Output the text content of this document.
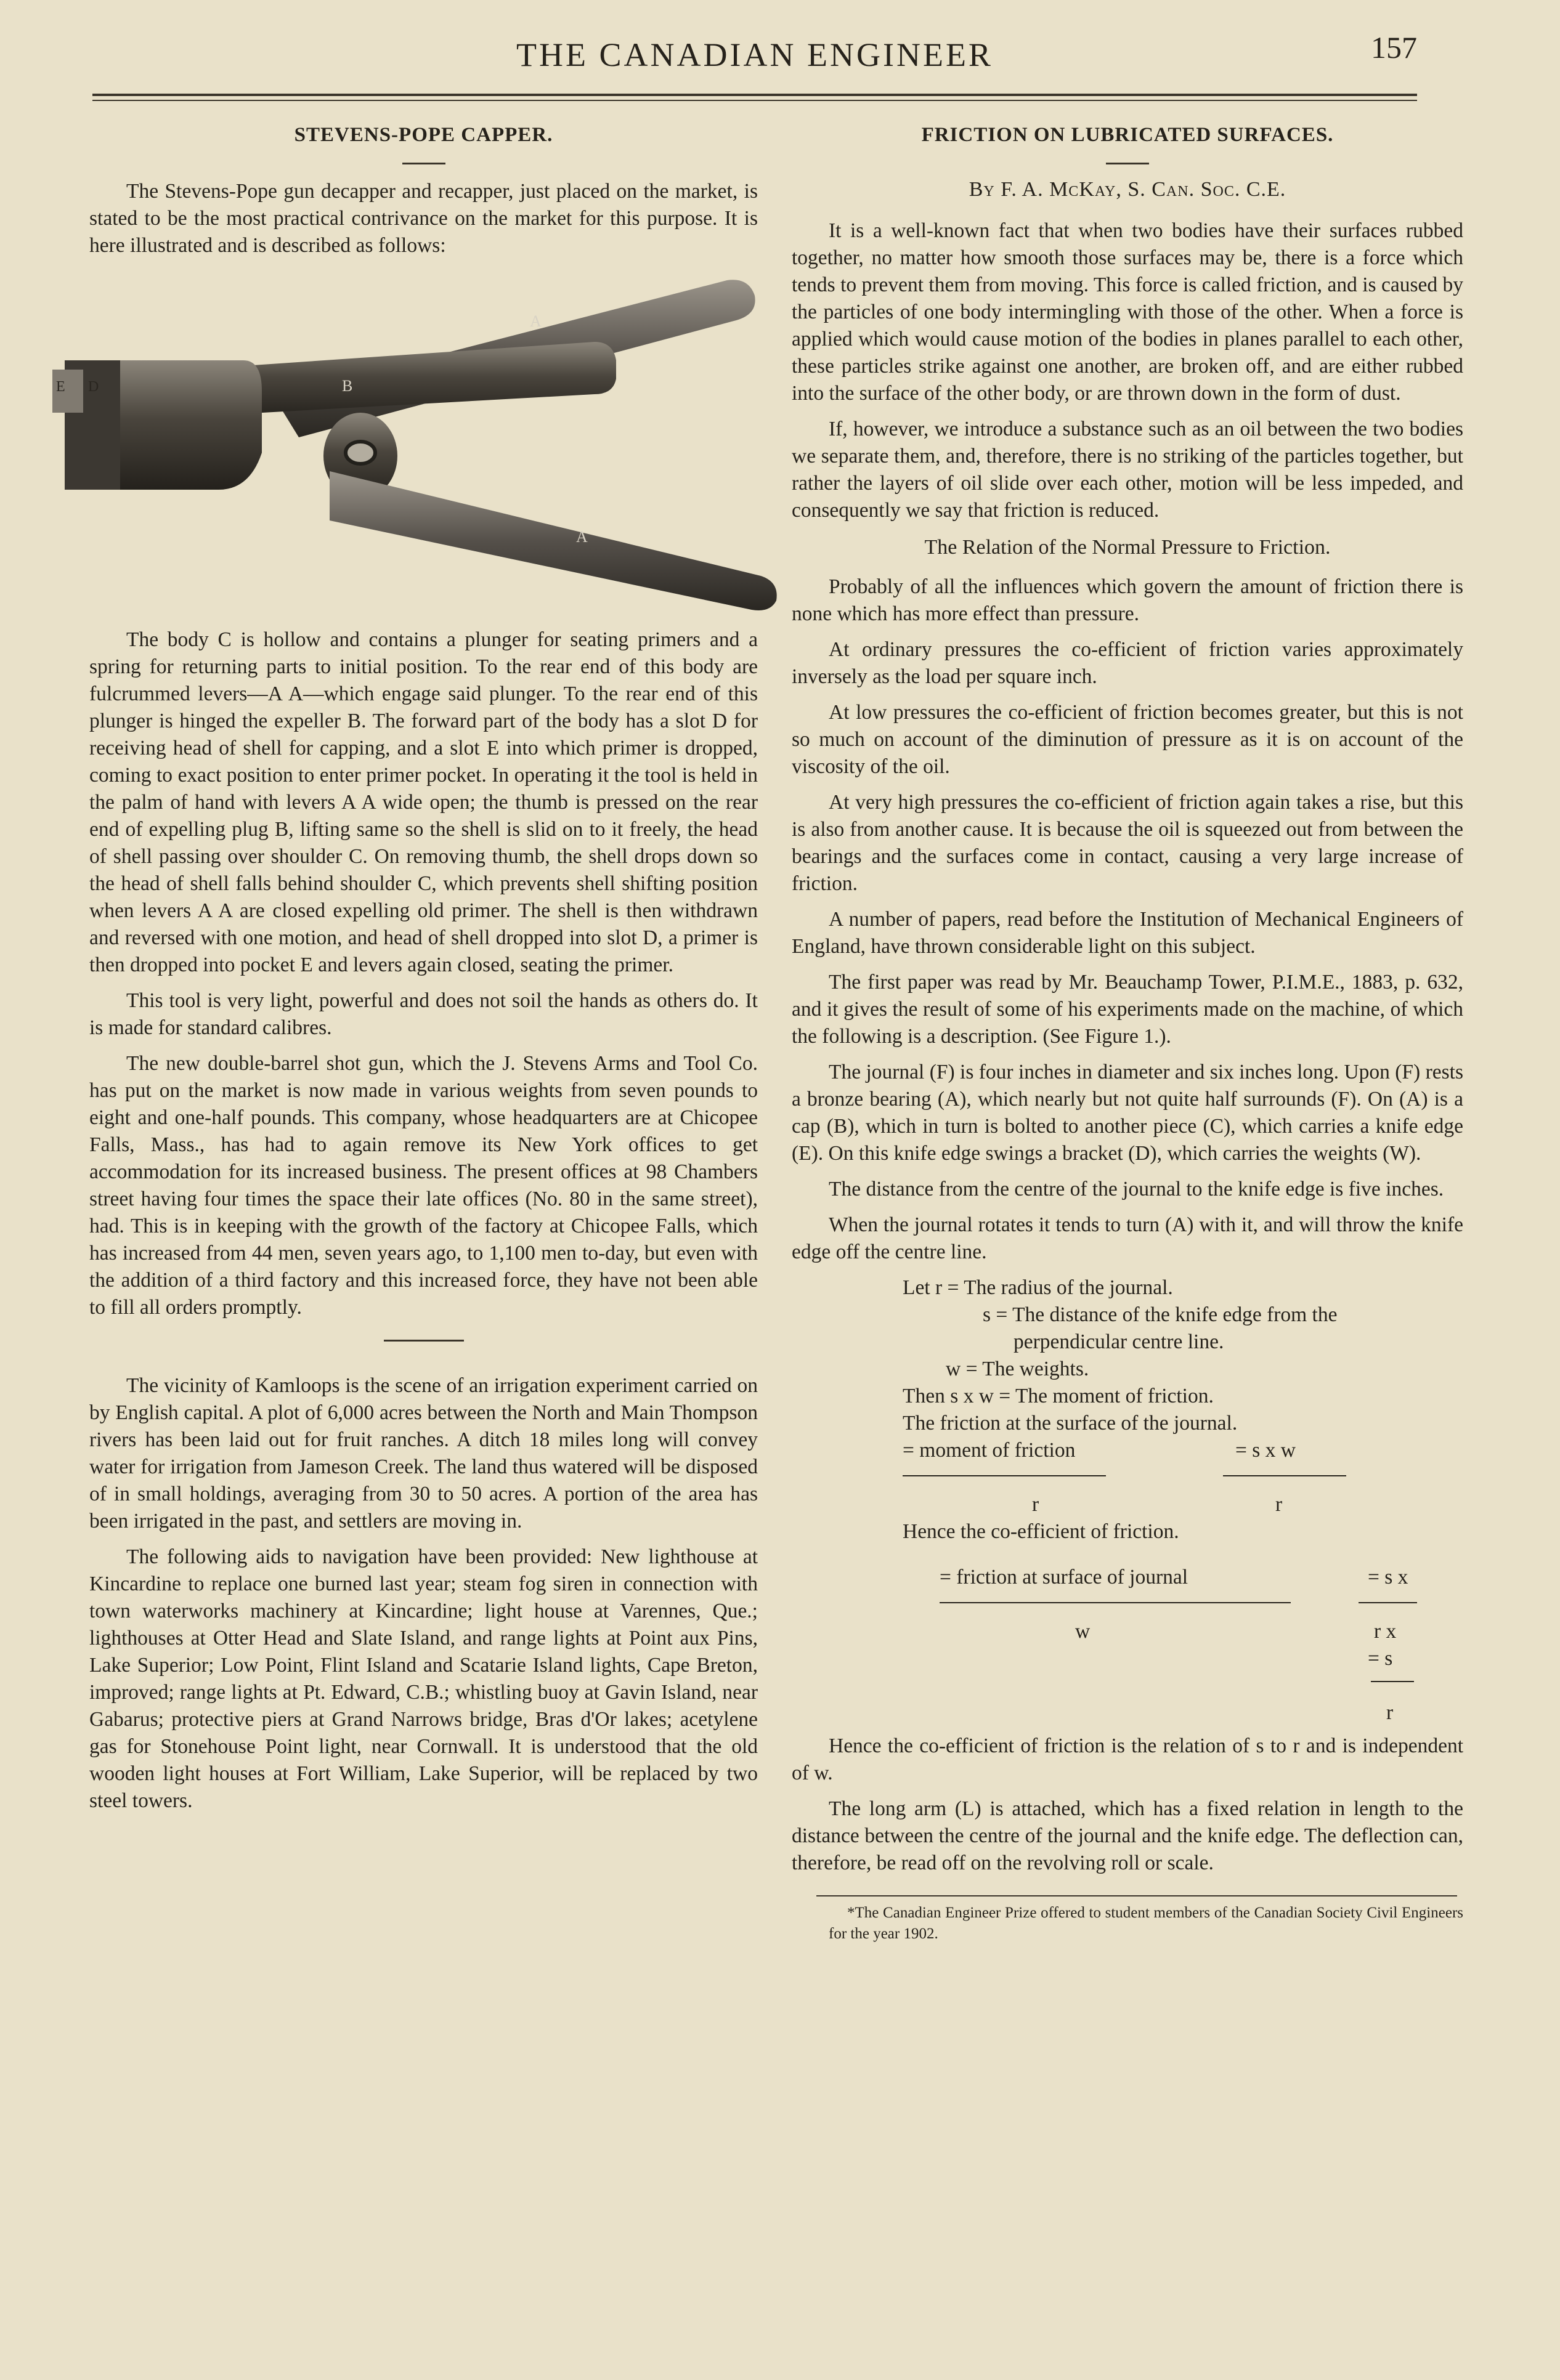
THE CANADIAN ENGINEER	157
STEVENS-POPE CAPPER.

The Stevens-Pope gun decapper and recapper, just placed on the market, is stated to be the most practical contrivance on the market for this purpose. It is here illustrated and is described as follows:

A
B
A
E D

The body C is hollow and contains a plunger for seating primers and a spring for returning parts to initial position. To the rear end of this body are fulcrummed levers—A A—which engage said plunger. To the rear end of this plunger is hinged the expeller B. The forward part of the body has a slot D for receiving head of shell for capping, and a slot E into which primer is dropped, coming to exact position to enter primer pocket. In operating it the tool is held in the palm of hand with levers A A wide open; the thumb is pressed on the rear end of expelling plug B, lifting same so the shell is slid on to it freely, the head of shell passing over shoulder C. On removing thumb, the shell drops down so the head of shell falls behind shoulder C, which prevents shell shifting position when levers A A are closed expelling old primer. The shell is then withdrawn and reversed with one motion, and head of shell dropped into slot D, a primer is then dropped into pocket E and levers again closed, seating the primer.

This tool is very light, powerful and does not soil the hands as others do. It is made for standard calibres.

The new double-barrel shot gun, which the J. Stevens Arms and Tool Co. has put on the market is now made in various weights from seven pounds to eight and one-half pounds. This company, whose headquarters are at Chicopee Falls, Mass., has had to again remove its New York offices to get accommodation for its increased business. The present offices at 98 Chambers street having four times the space their late offices (No. 80 in the same street), had. This is in keeping with the growth of the factory at Chicopee Falls, which has increased from 44 men, seven years ago, to 1,100 men to-day, but even with the addition of a third factory and this increased force, they have not been able to fill all orders promptly.

The vicinity of Kamloops is the scene of an irrigation experiment carried on by English capital. A plot of 6,000 acres between the North and Main Thompson rivers has been laid out for fruit ranches. A ditch 18 miles long will convey water for irrigation from Jameson Creek. The land thus watered will be disposed of in small holdings, averaging from 30 to 50 acres. A portion of the area has been irrigated in the past, and settlers are moving in.

The following aids to navigation have been provided: New lighthouse at Kincardine to replace one burned last year; steam fog siren in connection with town waterworks machinery at Kincardine; light house at Varennes, Que.; lighthouses at Otter Head and Slate Island, and range lights at Point aux Pins, Lake Superior; Low Point, Flint Island and Scatarie Island lights, Cape Breton, improved; range lights at Pt. Edward, C.B.; whistling buoy at Gavin Island, near Gabarus; protective piers at Grand Narrows bridge, Bras d'Or lakes; acetylene gas for Stonehouse Point light, near Cornwall. It is understood that the old wooden light houses at Fort William, Lake Superior, will be replaced by two steel towers.

FRICTION ON LUBRICATED SURFACES.
By F. A. McKay, S. Can. Soc. C.E.

It is a well-known fact that when two bodies have their surfaces rubbed together, no matter how smooth those surfaces may be, there is a force which tends to prevent them from moving. This force is called friction, and is caused by the particles of one body intermingling with those of the other. When a force is applied which would cause motion of the bodies in planes parallel to each other, these particles strike against one another, are broken off, and are either rubbed into the surface of the other body, or are thrown down in the form of dust.

If, however, we introduce a substance such as an oil between the two bodies we separate them, and, therefore, there is no striking of the particles together, but rather the layers of oil slide over each other, motion will be less impeded, and consequently we say that friction is reduced.

The Relation of the Normal Pressure to Friction.

Probably of all the influences which govern the amount of friction there is none which has more effect than pressure.

At ordinary pressures the co-efficient of friction varies approximately inversely as the load per square inch.

At low pressures the co-efficient of friction becomes greater, but this is not so much on account of the diminution of pressure as it is on account of the viscosity of the oil.

At very high pressures the co-efficient of friction again takes a rise, but this is also from another cause. It is because the oil is squeezed out from between the bearings and the surfaces come in contact, causing a very large increase of friction.

A number of papers, read before the Institution of Mechanical Engineers of England, have thrown considerable light on this subject.

The first paper was read by Mr. Beauchamp Tower, P.I.M.E., 1883, p. 632, and it gives the result of some of his experiments made on the machine, of which the following is a description. (See Figure 1.).

The journal (F) is four inches in diameter and six inches long. Upon (F) rests a bronze bearing (A), which nearly but not quite half surrounds (F). On (A) is a cap (B), which in turn is bolted to another piece (C), which carries a knife edge (E). On this knife edge swings a bracket (D), which carries the weights (W).

The distance from the centre of the journal to the knife edge is five inches.

When the journal rotates it tends to turn (A) with it, and will throw the knife edge off the centre line.

Let r = The radius of the journal.
s = The distance of the knife edge from the
perpendicular centre line.
w = The weights.
Then s x w = The moment of friction.
The friction at the surface of the journal.
= moment of friction	= s x w
r	r
Hence the co-efficient of friction.
= friction at surface of journal	= s x
w	r x
= s
r

Hence the co-efficient of friction is the relation of s to r and is independent of w.

The long arm (L) is attached, which has a fixed relation in length to the distance between the centre of the journal and the knife edge. The deflection can, therefore, be read off on the revolving roll or scale.

*The Canadian Engineer Prize offered to student members of the Canadian Society Civil Engineers for the year 1902.
